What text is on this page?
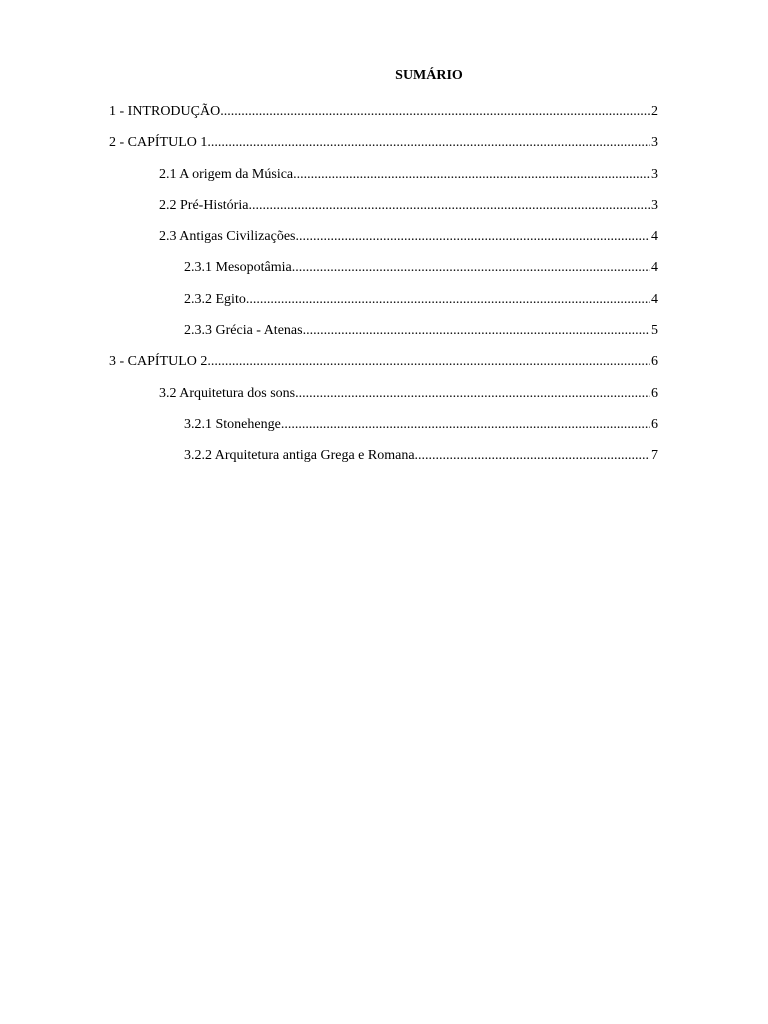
SUMÁRIO
1 - INTRODUÇÃO .....	2
2 - CAPÍTULO 1 .....	3
2.1 A origem da Música .....	3
2.2 Pré-História .....	3
2.3 Antigas Civilizações .....	4
2.3.1 Mesopotâmia .....	4
2.3.2 Egito .....	4
2.3.3 Grécia - Atenas .....	5
3 - CAPÍTULO 2 .....	6
3.2 Arquitetura dos sons .....	6
3.2.1 Stonehenge .....	6
3.2.2 Arquitetura antiga Grega e Romana .....	7
